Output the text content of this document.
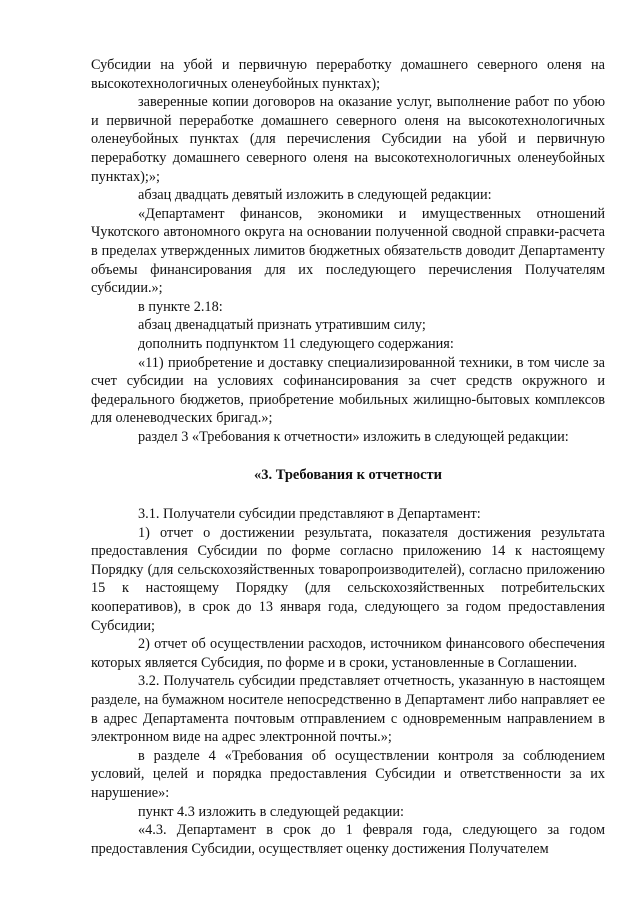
Субсидии на убой и первичную переработку домашнего северного оленя на высокотехнологичных оленеубойных пунктах);

заверенные копии договоров на оказание услуг, выполнение работ по убою и первичной переработке домашнего северного оленя на высокотехнологичных оленеубойных пунктах (для перечисления Субсидии на убой и первичную переработку домашнего северного оленя на высокотехнологичных оленеубойных пунктах);»;

абзац двадцать девятый изложить в следующей редакции:

«Департамент финансов, экономики и имущественных отношений Чукотского автономного округа на основании полученной сводной справки-расчета в пределах утвержденных лимитов бюджетных обязательств доводит Департаменту объемы финансирования для их последующего перечисления Получателям субсидии.»;

в пункте 2.18:

абзац двенадцатый признать утратившим силу;

дополнить подпунктом 11 следующего содержания:

«11) приобретение и доставку специализированной техники, в том числе за счет субсидии на условиях софинансирования за счет средств окружного и федерального бюджетов, приобретение мобильных жилищно-бытовых комплексов для оленеводческих бригад.»;

раздел 3 «Требования к отчетности» изложить в следующей редакции:

«3. Требования к отчетности

3.1. Получатели субсидии представляют в Департамент:

1) отчет о достижении результата, показателя достижения результата предоставления Субсидии по форме согласно приложению 14 к настоящему Порядку (для сельскохозяйственных товаропроизводителей), согласно приложению 15 к настоящему Порядку (для сельскохозяйственных потребительских кооперативов), в срок до 13 января года, следующего за годом предоставления Субсидии;

2) отчет об осуществлении расходов, источником финансового обеспечения которых является Субсидия, по форме и в сроки, установленные в Соглашении.

3.2. Получатель субсидии представляет отчетность, указанную в настоящем разделе, на бумажном носителе непосредственно в Департамент либо направляет ее в адрес Департамента почтовым отправлением с одновременным направлением в электронном виде на адрес электронной почты.»;

в разделе 4 «Требования об осуществлении контроля за соблюдением условий, целей и порядка предоставления Субсидии и ответственности за их нарушение»:

пункт 4.3 изложить в следующей редакции:

«4.3. Департамент в срок до 1 февраля года, следующего за годом предоставления Субсидии, осуществляет оценку достижения Получателем
